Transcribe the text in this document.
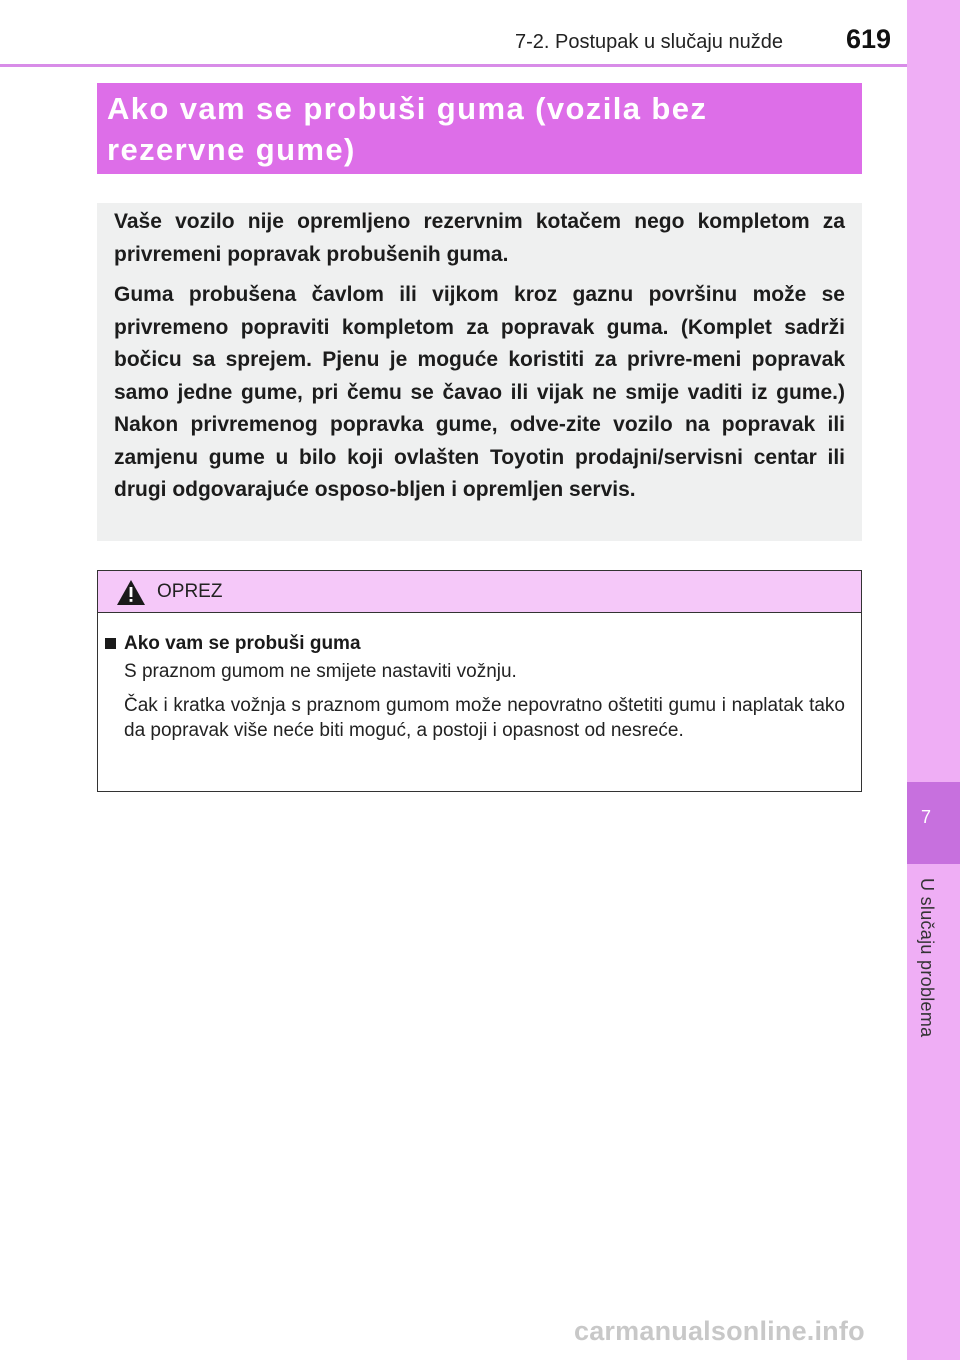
7-2. Postupak u slučaju nužde 619
7
U slučaju problema
Ako vam se probuši guma (vozila bez rezervne gume)

Vaše vozilo nije opremljeno rezervnim kotačem nego kompletom za privremeni popravak probušenih guma.

Guma probušena čavlom ili vijkom kroz gaznu površinu može se privremeno popraviti kompletom za popravak guma. (Komplet sadrži bočicu sa sprejem. Pjenu je moguće koristiti za privre-meni popravak samo jedne gume, pri čemu se čavao ili vijak ne smije vaditi iz gume.) Nakon privremenog popravka gume, odve-zite vozilo na popravak ili zamjenu gume u bilo koji ovlašten Toyotin prodajni/servisni centar ili drugi odgovarajuće osposo-bljen i opremljen servis.

OPREZ
Ako vam se probuši guma

S praznom gumom ne smijete nastaviti vožnju.

Čak i kratka vožnja s praznom gumom može nepovratno oštetiti gumu i naplatak tako da popravak više neće biti moguć, a postoji i opasnost od nesreće.

carmanualsonline.info
